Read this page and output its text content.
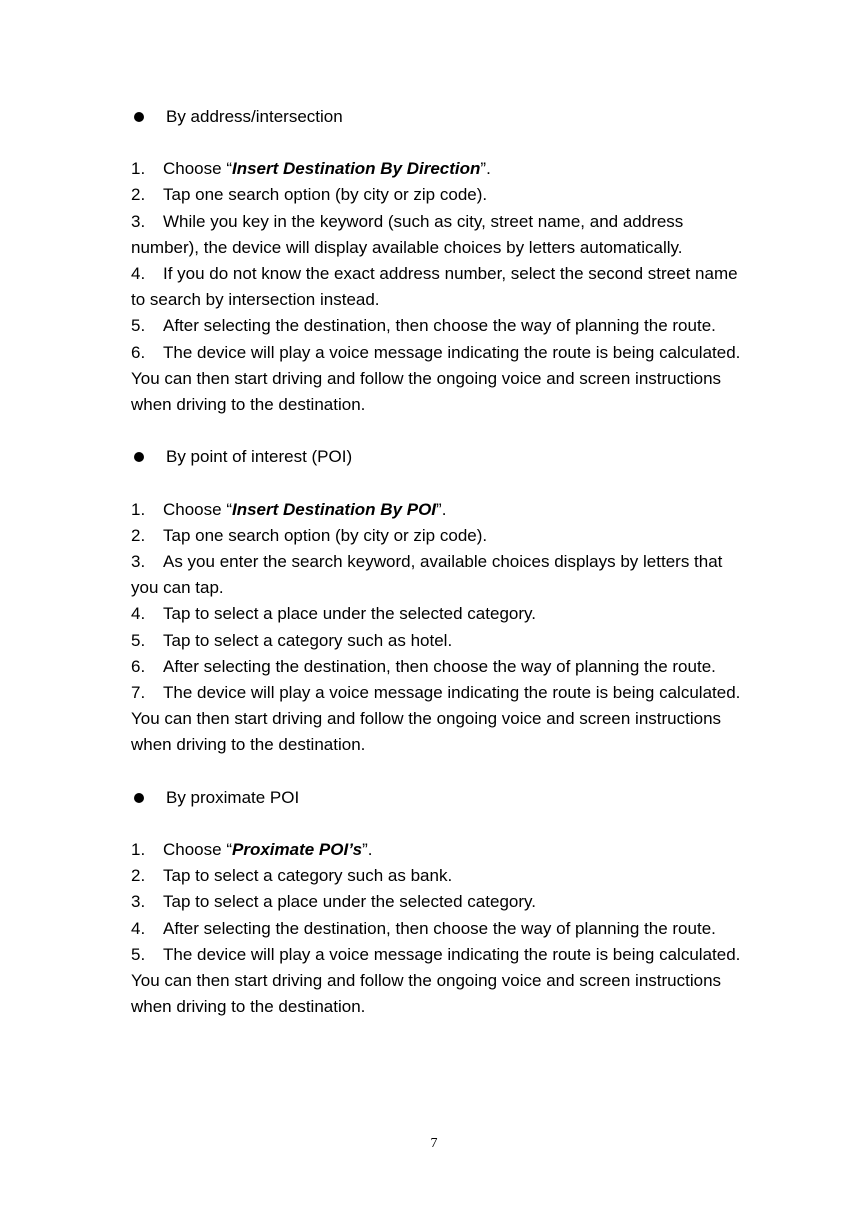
By address/intersection

1. Choose “Insert Destination By Direction”.

2. Tap one search option (by city or zip code).

3. While you key in the keyword (such as city, street name, and address number), the device will display available choices by letters automatically.

4. If you do not know the exact address number, select the second street name to search by intersection instead.

5. After selecting the destination, then choose the way of planning the route.

6. The device will play a voice message indicating the route is being calculated. You can then start driving and follow the ongoing voice and screen instructions when driving to the destination.

By point of interest (POI)

1. Choose “Insert Destination By POI”.

2. Tap one search option (by city or zip code).

3. As you enter the search keyword, available choices displays by letters that you can tap.

4. Tap to select a place under the selected category.

5. Tap to select a category such as hotel.

6. After selecting the destination, then choose the way of planning the route.

7. The device will play a voice message indicating the route is being calculated. You can then start driving and follow the ongoing voice and screen instructions when driving to the destination.

By proximate POI

1. Choose “Proximate POI’s”.

2. Tap to select a category such as bank.

3. Tap to select a place under the selected category.

4. After selecting the destination, then choose the way of planning the route.

5. The device will play a voice message indicating the route is being calculated. You can then start driving and follow the ongoing voice and screen instructions when driving to the destination.

7
